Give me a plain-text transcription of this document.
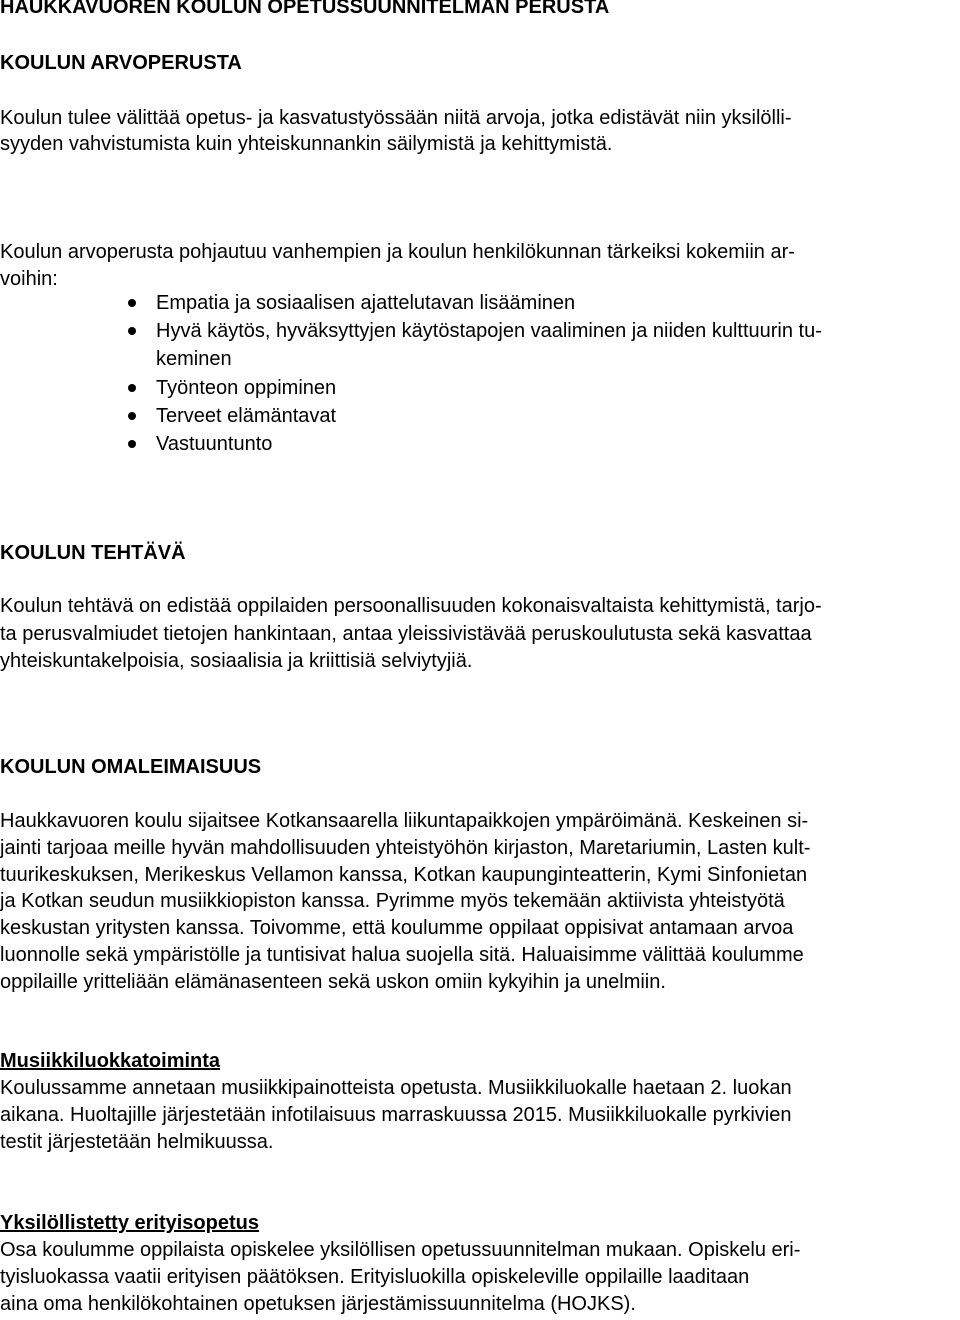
HAUKKAVUOREN KOULUN OPETUSSUUNNITELMAN PERUSTA
KOULUN ARVOPERUSTA
Koulun tulee välittää opetus- ja kasvatustyössään niitä arvoja, jotka edistävät niin yksilölli-
syyden vahvistumista kuin yhteiskunnankin säilymistä ja kehittymistä.
Koulun arvoperusta pohjautuu vanhempien ja koulun henkilökunnan tärkeiksi kokemiin ar-
voihin:
Empatia ja sosiaalisen ajattelutavan lisääminen
Hyvä käytös, hyväksyttyjen käytöstapojen vaaliminen ja niiden kulttuurin tu-
keminen
Työnteon oppiminen
Terveet elämäntavat
Vastuuntunto
KOULUN TEHTÄVÄ
Koulun tehtävä on edistää oppilaiden persoonallisuuden kokonaisvaltaista kehittymistä, tarjo-
ta perusvalmiudet tietojen hankintaan, antaa yleissivistävää peruskoulutusta sekä kasvattaa
yhteiskuntakelpoisia, sosiaalisia ja kriittisiä selviytyjiä.
KOULUN OMALEIMAISUUS
Haukkavuoren koulu sijaitsee Kotkansaarella liikuntapaikkojen ympäröimänä. Keskeinen si-
jainti tarjoaa meille hyvän mahdollisuuden yhteistyöhön kirjaston, Maretariumin, Lasten kult-
tuurikeskuksen, Merikeskus Vellamon kanssa, Kotkan kaupunginteatterin, Kymi Sinfonietan
ja Kotkan seudun musiikkiopiston kanssa. Pyrimme myös tekemään aktiivista yhteistyötä
keskustan yritysten kanssa. Toivomme, että koulumme oppilaat oppisivat antamaan arvoa
luonnolle sekä ympäristölle ja tuntisivat halua suojella sitä. Haluaisimme välittää koulumme
oppilaille yritteliään elämänasenteen sekä uskon omiin kykyihin ja unelmiin.
Musiikkiluokkatoiminta
Koulussamme annetaan musiikkipainotteista opetusta. Musiikkiluokalle haetaan 2. luokan
aikana. Huoltajille järjestetään infotilaisuus marraskuussa 2015. Musiikkiluokalle pyrkivien
testit järjestetään helmikuussa.
Yksilöllistetty erityisopetus
Osa koulumme oppilaista opiskelee yksilöllisen opetussuunnitelman mukaan. Opiskelu eri-
tyisluokassa vaatii erityisen päätöksen. Erityisluokilla opiskeleville oppilaille laaditaan
aina oma henkilökohtainen opetuksen järjestämissuunnitelma (HOJKS).
